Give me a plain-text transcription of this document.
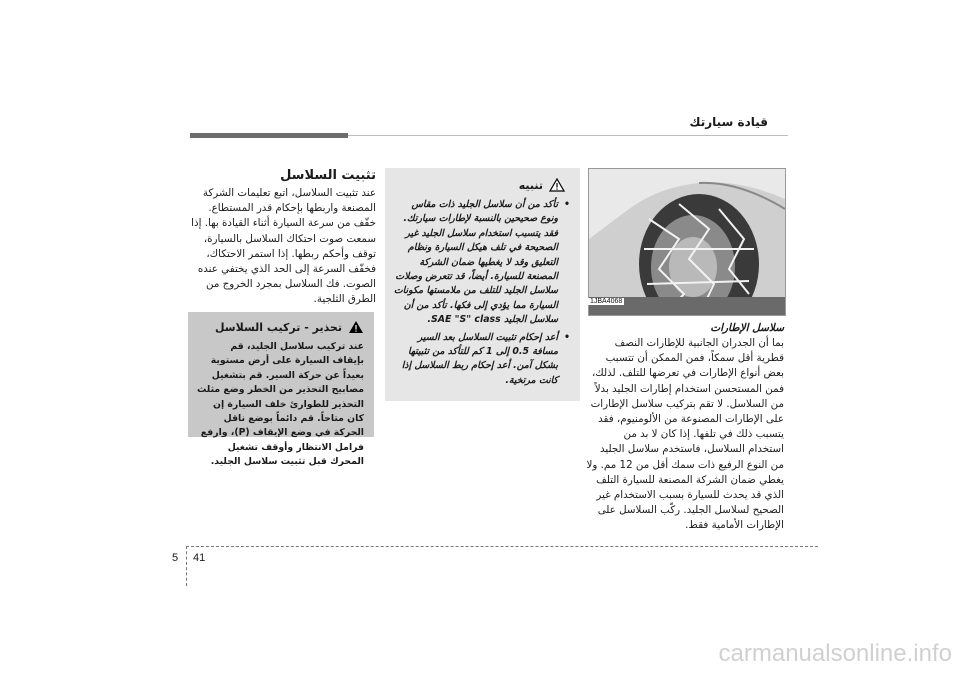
قيادة سيارتك
1JBA4068
سلاسل الإطارات

بما أن الجدران الجانبية للإطارات النصف قطرية أقل سمكاً، فمن الممكن أن تتسبب بعض أنواع الإطارات في تعرضها للتلف. لذلك، فمن المستحسن استخدام إطارات الجليد بدلاً من السلاسل. لا تقم بتركيب سلاسل الإطارات على الإطارات المصنوعة من الألومنيوم، فقد يتسبب ذلك في تلفها. إذا كان لا بد من استخدام السلاسل، فاستخدم سلاسل الجليد من النوع الرفيع ذات سمك أقل من 12 مم. ولا يغطي ضمان الشركة المصنعة للسيارة التلف الذي قد يحدث للسيارة بسبب الاستخدام غير الصحيح لسلاسل الجليد. ركّب السلاسل على الإطارات الأمامية فقط.

تنبيه
• تأكد من أن سلاسل الجليد ذات مقاس ونوع صحيحين بالنسبة لإطارات سيارتك. فقد يتسبب استخدام سلاسل الجليد غير الصحيحة في تلف هيكل السيارة ونظام التعليق وقد لا يغطيها ضمان الشركة المصنعة للسيارة. أيضاً، قد تتعرض وصلات سلاسل الجليد للتلف من ملامستها مكونات السيارة مما يؤدي إلى فكها. تأكد من أن سلاسل الجليد SAE "S" class.
• أعد إحكام تثبيت السلاسل بعد السير مسافة 0.5 إلى 1 كم للتأكد من تثبيتها بشكل آمن. أعد إحكام ربط السلاسل إذا كانت مرتخية.
تثبيت السلاسل

عند تثبيت السلاسل، اتبع تعليمات الشركة المصنعة واربطها بإحكام قدر المستطاع. خفّف من سرعة السيارة أثناء القيادة بها. إذا سمعت صوت احتكاك السلاسل بالسيارة، توقف وأحكم ربطها. إذا استمر الاحتكاك، فخفّف السرعة إلى الحد الذي يختفي عنده الصوت. فك السلاسل بمجرد الخروج من الطرق الثلجية.

تحذير - تركيب السلاسل

عند تركيب سلاسل الجليد، قم بإيقاف السيارة على أرض مستوية بعيداً عن حركة السير. قم بتشغيل مصابيح التحذير من الخطر وضع مثلث التحذير للطوارئ خلف السيارة إن كان متاحاً. قم دائماً بوضع ناقل الحركة في وضع الإيقاف (P)، وارفع فرامل الانتظار وأوقف تشغيل المحرك قبل تثبيت سلاسل الجليد.

5 41
carmanualsonline.info
